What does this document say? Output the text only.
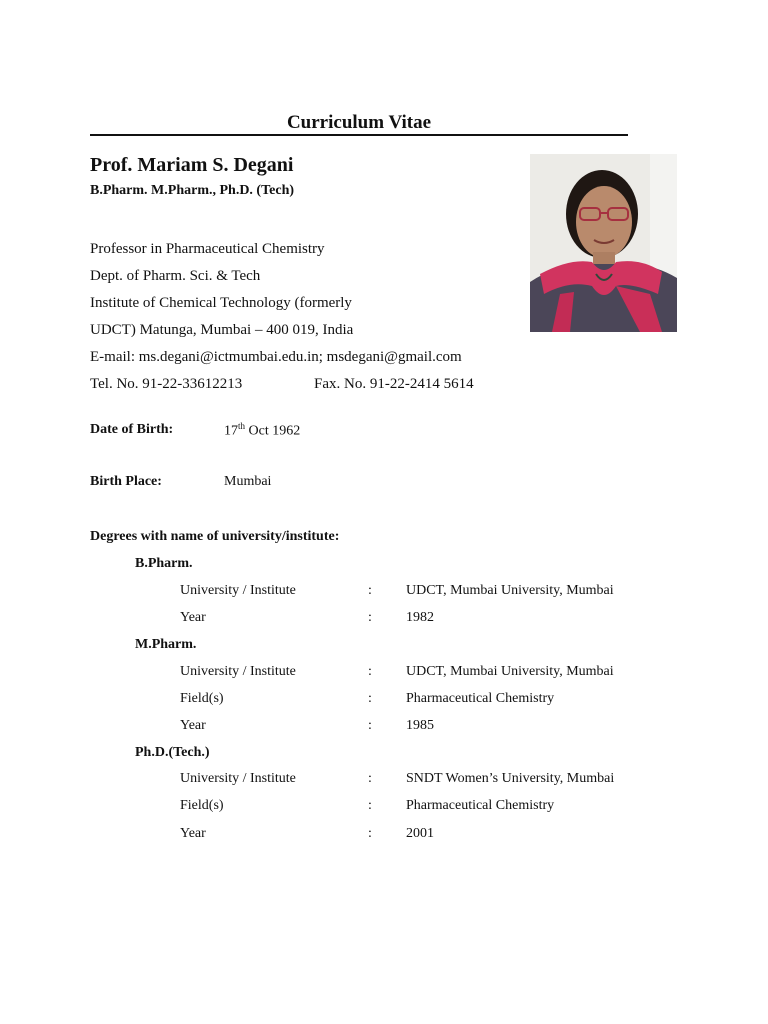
Curriculum Vitae
Prof. Mariam S. Degani
B.Pharm. M.Pharm., Ph.D. (Tech)
Professor in Pharmaceutical Chemistry
Dept. of Pharm. Sci. & Tech
Institute of Chemical Technology (formerly
UDCT) Matunga, Mumbai – 400 019, India
E-mail: ms.degani@ictmumbai.edu.in; msdegani@gmail.com
Tel. No. 91-22-33612213	Fax. No. 91-22-2414 5614
Date of Birth:	17th Oct 1962
Birth Place:	Mumbai
Degrees with name of university/institute:
B.Pharm.
University / Institute	: UDCT, Mumbai University, Mumbai
Year	: 1982
M.Pharm.
University / Institute	: UDCT, Mumbai University, Mumbai
Field(s)	: Pharmaceutical Chemistry
Year	: 1985
Ph.D.(Tech.)
University / Institute	: SNDT Women’s University, Mumbai
Field(s)	: Pharmaceutical Chemistry
Year	: 2001
